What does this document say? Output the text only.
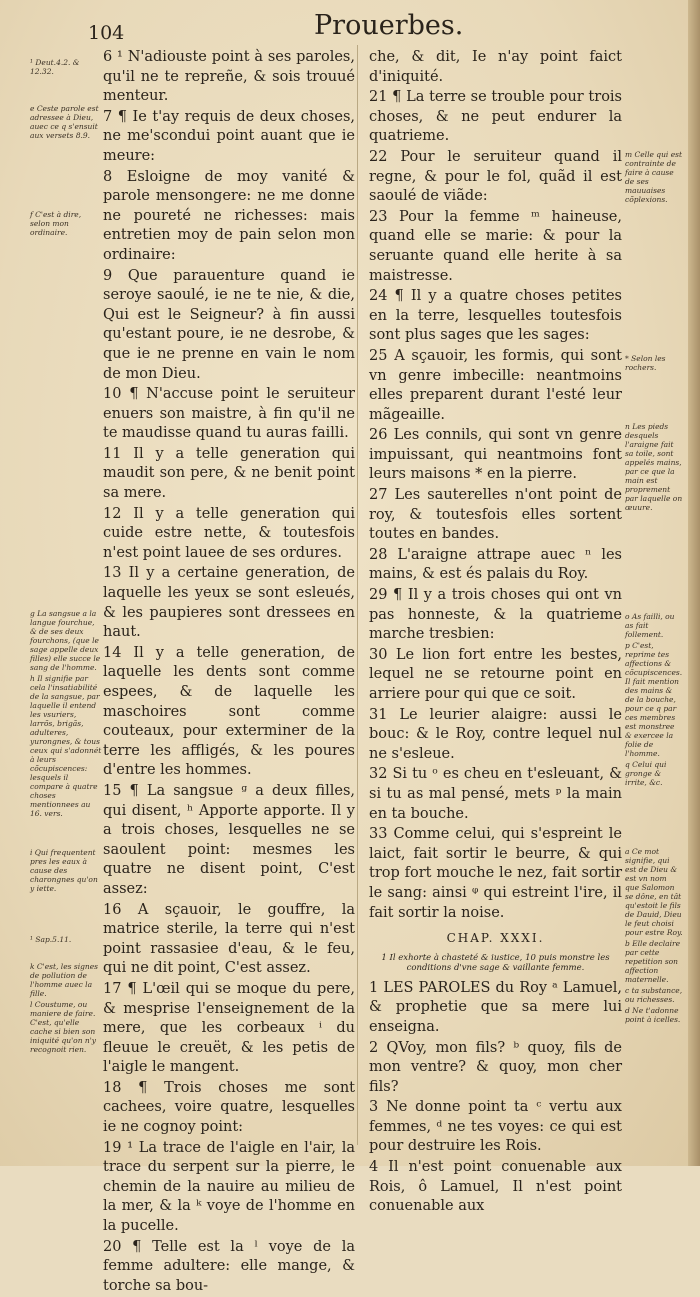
104	Prouerbes.
¹ Deut.4.2. & 12.32.
e Ceste parole est adressee à Dieu, auec ce q s'ensuit aux versets 8.9.
f C'est à dire, selon mon ordinaire.
g La sangsue a la langue fourchue, & de ses deux fourchons, (que le sage appelle deux filles) elle succe le sang de l'homme.
h Il signifie par cela l'insatiabilité de la sangsue, par laquelle il entend les vsuriers, larrõs, brigãs, adulteres, yurongnes, & tous ceux qui s'adonnét à leurs cõcupiscences: lesquels il compare à quatre choses mentionnees au 16. vers.
i Qui frequentent pres les eaux à cause des charongnes qu'on y iette.
¹ Sap.5.11.
k C'est, les signes de pollution de l'homme auec la fille.
l Coustume, ou maniere de faire. C'est, qu'elle cache si bien son iniquité qu'on n'y recognoit rien.

6 ¹ N'adiouste point à ses paroles, qu'il ne te repreñe, & sois trouué menteur.

7 ¶ Ie t'ay requis de deux choses, ne me'scondui point auant que ie meure:

8 Esloigne de moy vanité & parole mensongere: ne me donne ne poureté ne richesses: mais entretien moy de pain selon mon ordinaire:

9 Que parauenture quand ie seroye saoulé, ie ne te nie, & die, Qui est le Seigneur? à fin aussi qu'estant poure, ie ne desrobe, & que ie ne prenne en vain le nom de mon Dieu.

10 ¶ N'accuse point le seruiteur enuers son maistre, à fin qu'il ne te maudisse quand tu auras failli.

11 Il y a telle generation qui maudit son pere, & ne benit point sa mere.

12 Il y a telle generation qui cuide estre nette, & toutesfois n'est point lauee de ses ordures.

13 Il y a certaine generation, de laquelle les yeux se sont esleués, & les paupieres sont dressees en haut.

14 Il y a telle generation, de laquelle les dents sont comme espees, & de laquelle les maschoires sont comme couteaux, pour exterminer de la terre les affligés, & les poures d'entre les hommes.

15 ¶ La sangsue ᵍ a deux filles, qui disent, ʰ Apporte apporte. Il y a trois choses, lesquelles ne se saoulent point: mesmes les quatre ne disent point, C'est assez:

16 A sçauoir, le gouffre, la matrice sterile, la terre qui n'est point rassasiee d'eau, & le feu, qui ne dit point, C'est assez.

17 ¶ L'œil qui se moque du pere, & mesprise l'enseignement de la mere, que les corbeaux ⁱ du fleuue le creuët, & les petis de l'aigle le mangent.

18 ¶ Trois choses me sont cachees, voire quatre, lesquelles ie ne cognoy point:

19 ¹ La trace de l'aigle en l'air, la trace du serpent sur la pierre, le chemin de la nauire au milieu de la mer, & la ᵏ voye de l'homme en la pucelle.

20 ¶ Telle est la ˡ voye de la femme adultere: elle mange, & torche sa bou-

che, & dit, Ie n'ay point faict d'iniquité.

21 ¶ La terre se trouble pour trois choses, & ne peut endurer la quatrieme.

22 Pour le seruiteur quand il regne, & pour le fol, quãd il est saoulé de viãde:

23 Pour la femme ᵐ haineuse, quand elle se marie: & pour la seruante quand elle herite à sa maistresse.

24 ¶ Il y a quatre choses petites en la terre, lesquelles toutesfois sont plus sages que les sages:

25 A sçauoir, les formis, qui sont vn genre imbecille: neantmoins elles preparent durant l'esté leur mãgeaille.

26 Les connils, qui sont vn genre impuissant, qui neantmoins font leurs maisons * en la pierre.

27 Les sauterelles n'ont point de roy, & toutesfois elles sortent toutes en bandes.

28 L'araigne attrape auec ⁿ les mains, & est és palais du Roy.

29 ¶ Il y a trois choses qui ont vn pas honneste, & la quatrieme marche tresbien:

30 Le lion fort entre les bestes, lequel ne se retourne point en arriere pour qui que ce soit.

31 Le leurier alaigre: aussi le bouc: & le Roy, contre lequel nul ne s'esleue.

32 Si tu ᵒ es cheu en t'esleuant, & si tu as mal pensé, mets ᵖ la main en ta bouche.

33 Comme celui, qui s'espreint le laict, fait sortir le beurre, & qui trop fort mouche le nez, fait sortir le sang: ainsi ᵠ qui estreint l'ire, il fait sortir la noise.

CHAP. XXXI.
1 Il exhorte à chasteté & iustice, 10 puis monstre les conditions d'vne sage & vaillante femme.

1 LES PAROLES du Roy ᵃ Lamuel, & prophetie que sa mere lui enseigna.

2 QVoy, mon fils? ᵇ quoy, fils de mon ventre? & quoy, mon cher fils?

3 Ne donne point ta ᶜ vertu aux femmes, ᵈ ne tes voyes: ce qui est pour destruire les Rois.

4 Il n'est point conuenable aux Rois, ô Lamuel, Il n'est point conuenable aux

m Celle qui est contrainte de faire à cause de ses mauuaises cõplexions.
* Selon les rochers.
n Les pieds desquels l'araigne fait sa toile, sont appelés mains, par ce que la main est proprement par laquelle on œuure.
o As failli, ou as fait follement.
p C'est, reprime tes affections & cõcupiscences. Il fait mention des mains & de la bouche, pour ce q par ces membres est monstree & exercee la folie de l'homme.
q Celui qui gronge & irrite, &c.
a Ce mot signifie, qui est de Dieu & est vn nom que Salomon se dône, en tât qu'estoit le fils de Dauid, Dieu le feut choisi pour estre Roy.
b Elle declaire par cette repetition son affection maternelle.
c ta substance, ou richesses.
d Ne t'adonne point à icelles.
